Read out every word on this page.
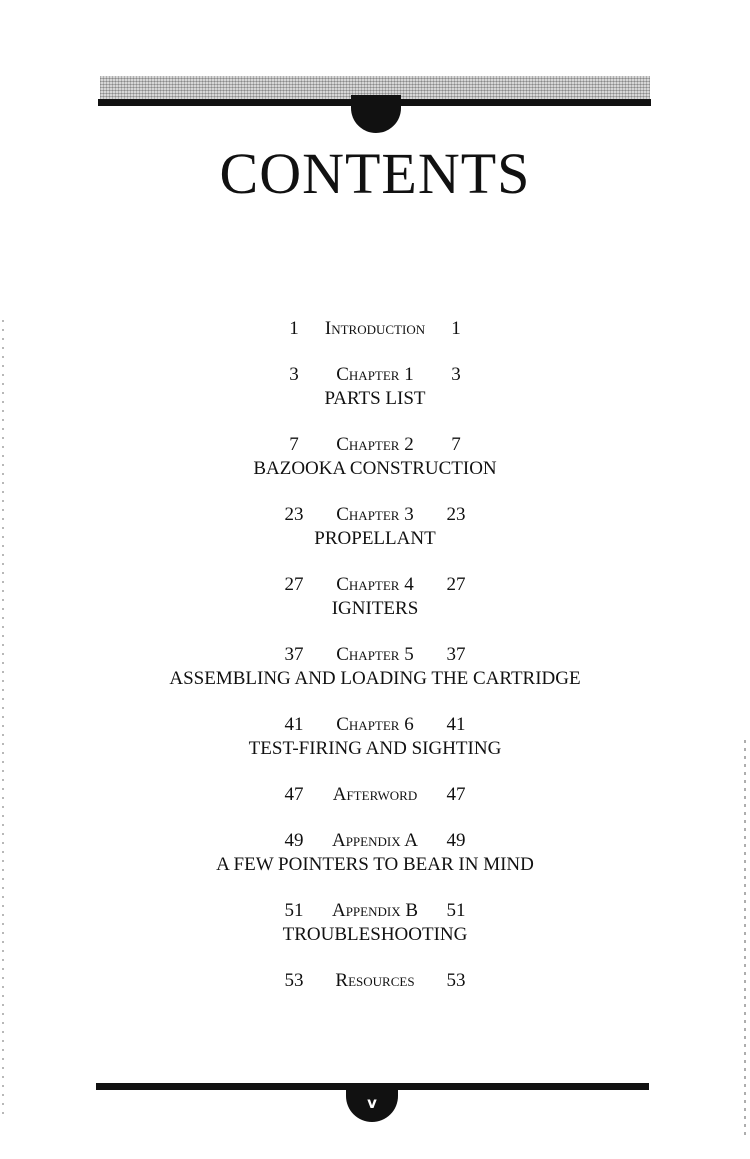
CONTENTS
1	Introduction	1
3	Chapter 1	3
PARTS LIST
7	Chapter 2	7
BAZOOKA CONSTRUCTION
23	Chapter 3	23
PROPELLANT
27	Chapter 4	27
IGNITERS
37	Chapter 5	37
ASSEMBLING AND LOADING THE CARTRIDGE
41	Chapter 6	41
TEST-FIRING AND SIGHTING
47	Afterword	47
49	Appendix A	49
A FEW POINTERS TO BEAR IN MIND
51	Appendix B	51
TROUBLESHOOTING
53	Resources	53
v
